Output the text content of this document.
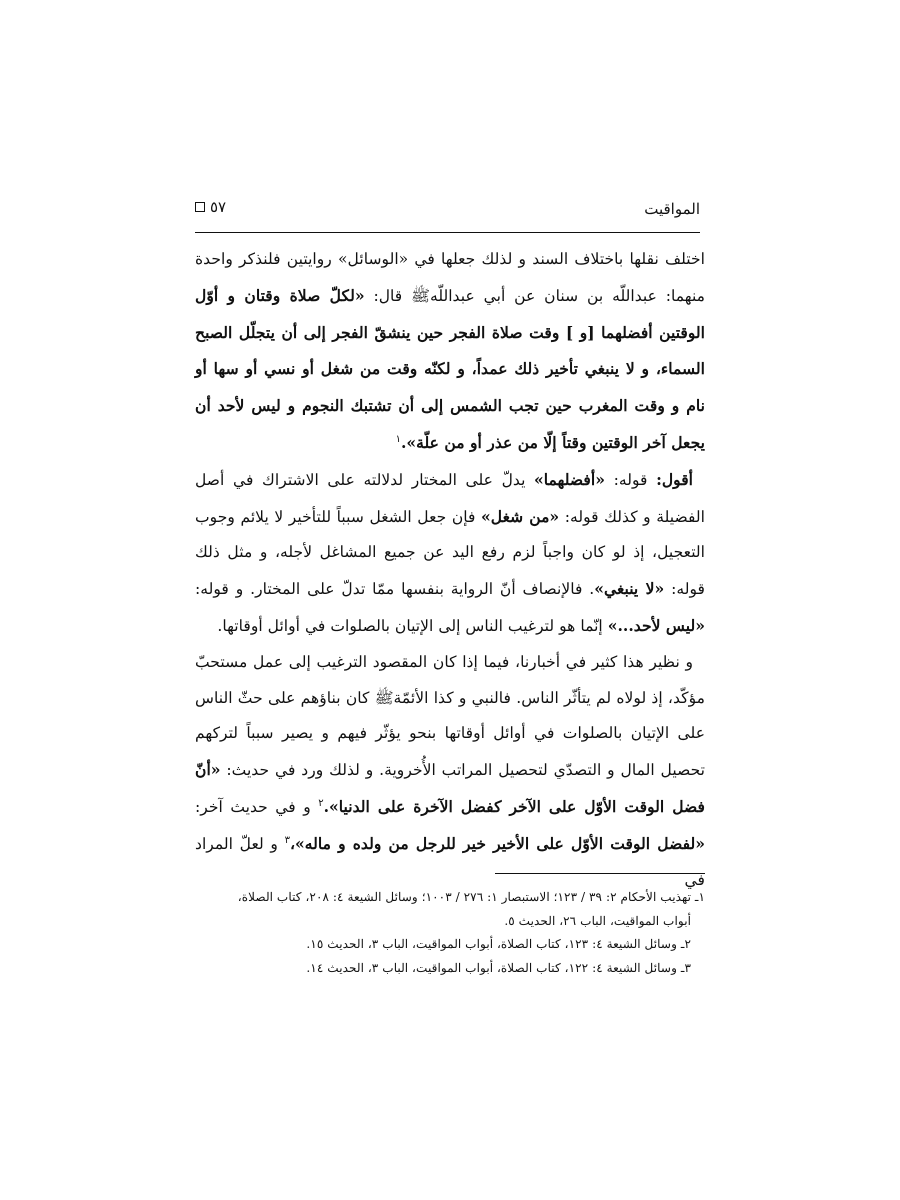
المواقيت
٥٧

اختلف نقلها باختلاف السند و لذلك جعلها في «الوسائل» روايتين فلنذكر واحدة منهما: عبداللّه بن سنان عن أبي عبداللّهﷺ قال: «لكلّ صلاة وقتان و أوّل الوقتين أفضلهما [و ] وقت صلاة الفجر حين ينشقّ الفجر إلى أن يتجلّل الصبح السماء، و لا ينبغي تأخير ذلك عمداً، و لكنّه وقت من شغل أو نسي أو سها أو نام و وقت المغرب حين تجب الشمس إلى أن تشتبك النجوم و ليس لأحد أن يجعل آخر الوقتين وقتاً إلّا من عذر أو من علّة».$^١$

أقول: قوله: «أفضلهما» يدلّ على المختار لدلالته على الاشتراك في أصل الفضيلة و كذلك قوله: «من شغل» فإن جعل الشغل سبباً للتأخير لا يلائم وجوب التعجيل، إذ لو كان واجباً لزم رفع اليد عن جميع المشاغل لأجله، و مثل ذلك قوله: «لا ينبغي». فالإنصاف أنّ الرواية بنفسها ممّا تدلّ على المختار. و قوله: «ليس لأحد...» إنّما هو لترغيب الناس إلى الإتيان بالصلوات في أوائل أوقاتها.

و نظير هذا كثير في أخبارنا، فيما إذا كان المقصود الترغيب إلى عمل مستحبّ مؤكّد، إذ لولاه لم يتأثّر الناس. فالنبي و كذا الأئمّةﷺ كان بناؤهم على حثّ الناس على الإتيان بالصلوات في أوائل أوقاتها بنحو يؤثّر فيهم و يصير سبباً لتركهم تحصيل المال و التصدّي لتحصيل المراتب الأُخروية. و لذلك ورد في حديث: «أنّ فضل الوقت الأوّل على الآخر كفضل الآخرة على الدنيا».$^٢$ و في حديث آخر: «لفضل الوقت الأوّل على الأخير خير للرجل من ولده و ماله»،$^٣$ و لعلّ المراد في

١ـ تهذيب الأحكام ٢: ٣٩ / ١٢٣؛ الاستبصار ١: ٢٧٦ / ١٠٠٣؛ وسائل الشيعة ٤: ٢٠٨، كتاب الصلاة،

أبواب المواقيت، الباب ٢٦، الحديث ٥.

٢ـ وسائل الشيعة ٤: ١٢٣، كتاب الصلاة، أبواب المواقيت، الباب ٣، الحديث ١٥.

٣ـ وسائل الشيعة ٤: ١٢٢، كتاب الصلاة، أبواب المواقيت، الباب ٣، الحديث ١٤.
